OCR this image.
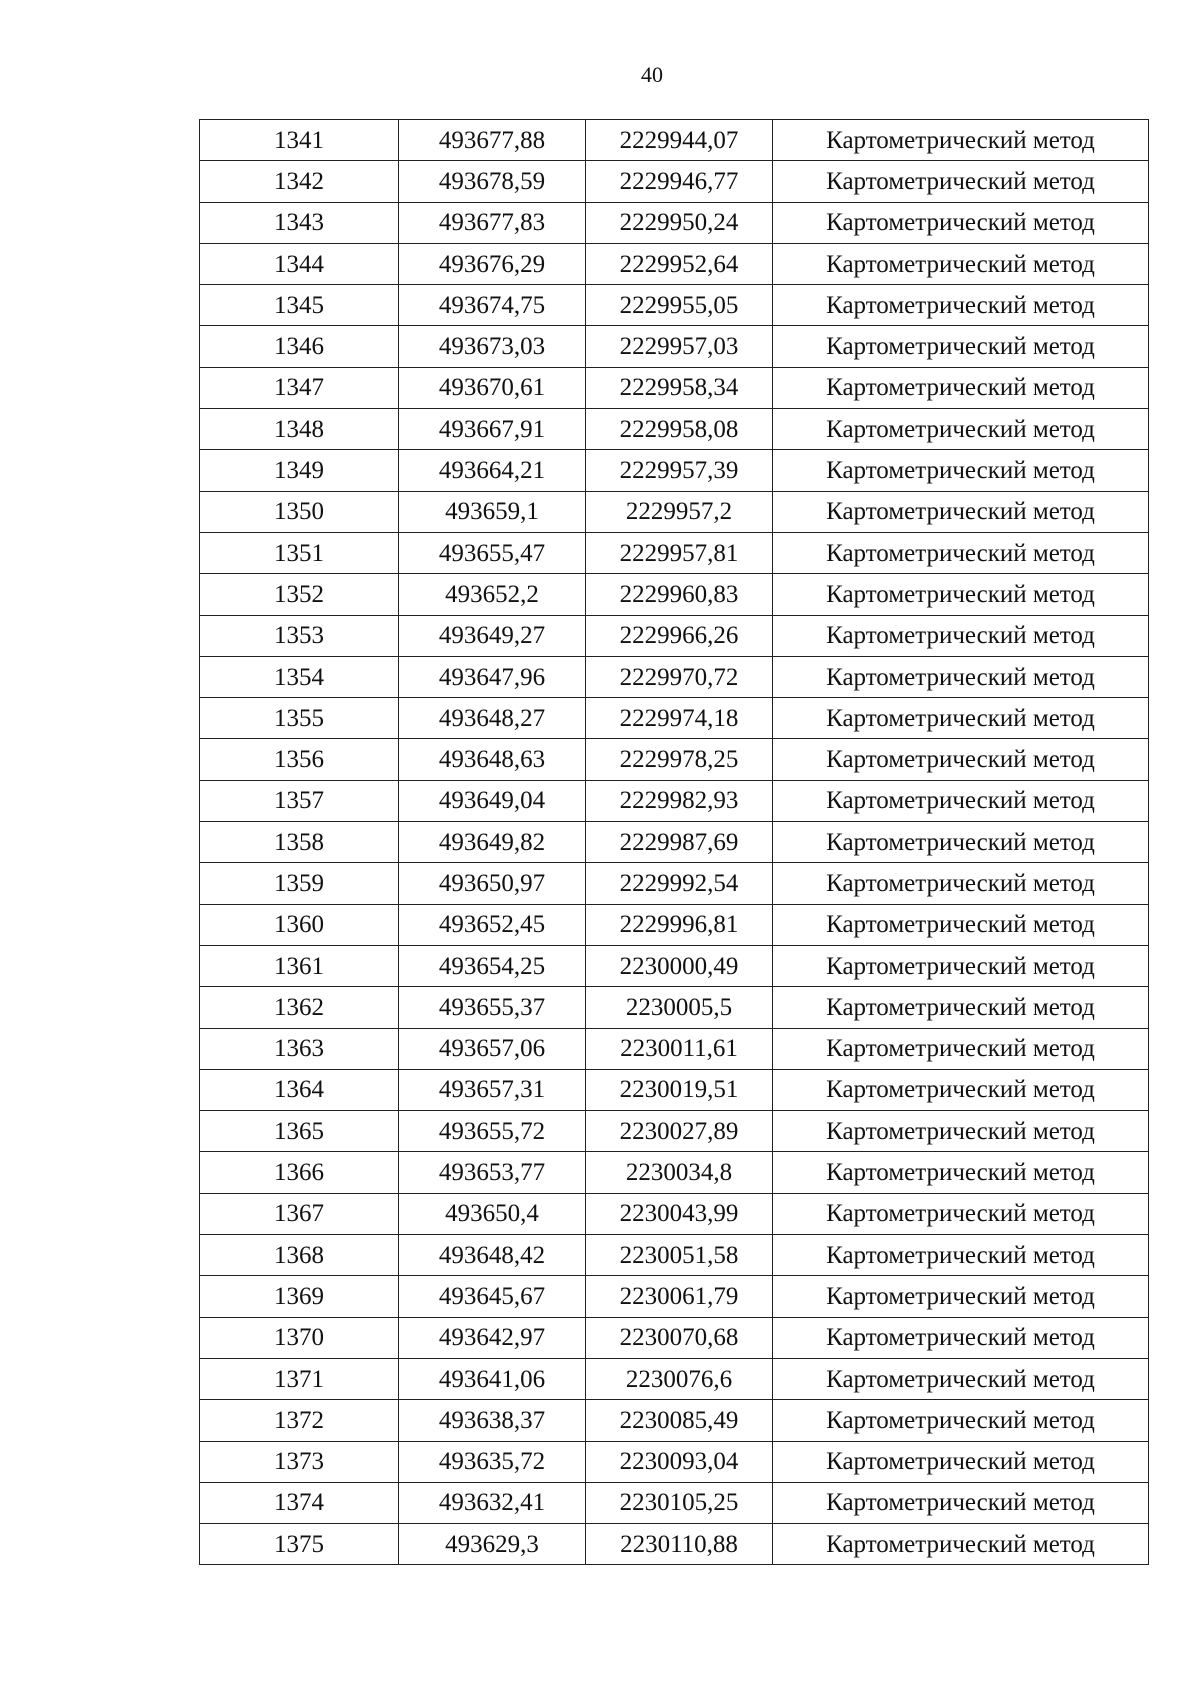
40
1341	493677,88	2229944,07	Картометрический метод
1342	493678,59	2229946,77	Картометрический метод
1343	493677,83	2229950,24	Картометрический метод
1344	493676,29	2229952,64	Картометрический метод
1345	493674,75	2229955,05	Картометрический метод
1346	493673,03	2229957,03	Картометрический метод
1347	493670,61	2229958,34	Картометрический метод
1348	493667,91	2229958,08	Картометрический метод
1349	493664,21	2229957,39	Картометрический метод
1350	493659,1	2229957,2	Картометрический метод
1351	493655,47	2229957,81	Картометрический метод
1352	493652,2	2229960,83	Картометрический метод
1353	493649,27	2229966,26	Картометрический метод
1354	493647,96	2229970,72	Картометрический метод
1355	493648,27	2229974,18	Картометрический метод
1356	493648,63	2229978,25	Картометрический метод
1357	493649,04	2229982,93	Картометрический метод
1358	493649,82	2229987,69	Картометрический метод
1359	493650,97	2229992,54	Картометрический метод
1360	493652,45	2229996,81	Картометрический метод
1361	493654,25	2230000,49	Картометрический метод
1362	493655,37	2230005,5	Картометрический метод
1363	493657,06	2230011,61	Картометрический метод
1364	493657,31	2230019,51	Картометрический метод
1365	493655,72	2230027,89	Картометрический метод
1366	493653,77	2230034,8	Картометрический метод
1367	493650,4	2230043,99	Картометрический метод
1368	493648,42	2230051,58	Картометрический метод
1369	493645,67	2230061,79	Картометрический метод
1370	493642,97	2230070,68	Картометрический метод
1371	493641,06	2230076,6	Картометрический метод
1372	493638,37	2230085,49	Картометрический метод
1373	493635,72	2230093,04	Картометрический метод
1374	493632,41	2230105,25	Картометрический метод
1375	493629,3	2230110,88	Картометрический метод
